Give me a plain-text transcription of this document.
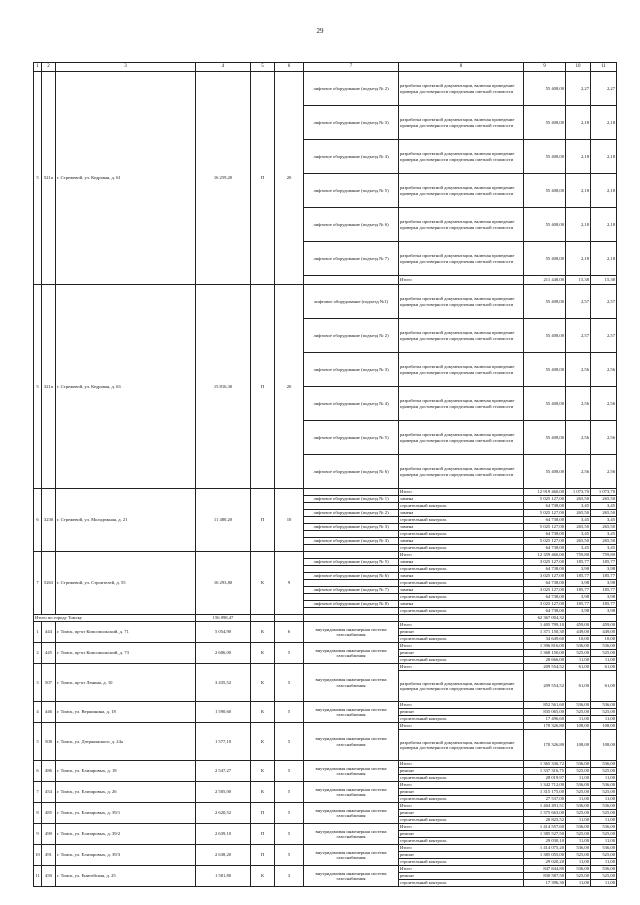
29
1	2	3	4	5	6	7	8	9	10	11
5	521п	г. Стрежевой, ул. Кедровая, д. 61	16 259,20	П	20	лифтовое оборудование (подъезд № 2)	разработка проектной документации, включая проведение проверки достоверности определения сметной стоимости	55 408,00	2,27	2,27
						лифтовое оборудование (подъезд № 3)	разработка проектной документации, включая проведение проверки достоверности определения сметной стоимости	55 408,00	2,18	2,18
						лифтовое оборудование (подъезд № 4)	разработка проектной документации, включая проведение проверки достоверности определения сметной стоимости	55 408,00	2,18	2,18
						лифтовое оборудование (подъезд № 5)	разработка проектной документации, включая проведение проверки достоверности определения сметной стоимости	55 408,00	2,18	2,18
						лифтовое оборудование (подъезд № 6)	разработка проектной документации, включая проведение проверки достоверности определения сметной стоимости	55 408,00	2,18	2,18
						лифтовое оборудование (подъезд № 7)	разработка проектной документации, включая проведение проверки достоверности определения сметной стоимости	55 408,00	2,18	2,18
							Итого	211 448,00	15,38	15,38
5	321п	г. Стрежевой, ул. Кедровая, д. 63	15 816,30	П	20	лифтовое оборудование (подъезд №1)	разработка проектной документации, включая проведение проверки достоверности определения сметной стоимости	55 408,00	2,57	2,57
						лифтовое оборудование (подъезд № 2)	разработка проектной документации, включая проведение проверки достоверности определения сметной стоимости	55 408,00	2,57	2,57
						лифтовое оборудование (подъезд № 3)	разработка проектной документации, включая проведение проверки достоверности определения сметной стоимости	55 408,00	2,56	2,56
						лифтовое оборудование (подъезд № 4)	разработка проектной документации, включая проведение проверки достоверности определения сметной стоимости	55 408,00	2,56	2,56
						лифтовое оборудование (подъезд № 5)	разработка проектной документации, включая проведение проверки достоверности определения сметной стоимости	55 408,00	2,56	2,56
						лифтовое оборудование (подъезд № 6)	разработка проектной документации, включая проведение проверки достоверности определения сметной стоимости	55 408,00	2,56	2,56
6	3230	г. Стрежевой, ул. Молодежная, д. 21	11 480,20	П	10		Итого	12 919 460,00	1 073,70	1 073,70
						лифтовое оборудование (подъезд № 1)	замена	5 025 127,00	265,50	265,50
							строительный контроль	64 738,00	3,45	3,45
						лифтовое оборудование (подъезд № 2)	замена	5 025 127,00	265,50	265,50
							строительный контроль	64 738,00	3,45	3,45
						лифтовое оборудование (подъезд № 3)	замена	5 025 127,00	265,50	265,50
							строительный контроль	64 738,00	3,45	3,45
						лифтовое оборудование (подъезд № 4)	замена	5 025 127,00	265,50	265,50
							строительный контроль	64 738,00	3,45	3,45
7	5263	г. Стрежевой, ул. Строителей, д. 55	16 293,80	К	9		Итого	12 359 460,00	759,80	759,80
						лифтовое оборудование (подъезд № 5)	замена	3 025 127,00	185,77	185,77
							строительный контроль	64 738,00	3,98	3,98
						лифтовое оборудование (подъезд № 6)	замена	3 025 127,00	185,77	185,77
							строительный контроль	64 738,00	3,98	3,98
						лифтовое оборудование (подъезд № 7)	замена	3 025 127,00	185,77	185,77
							строительный контроль	64 738,00	3,98	3,98
						лифтовое оборудование (подъезд № 8)	замена	3 025 127,00	185,77	185,77
							строительный контроль	64 738,00	3,98	3,98
Итого по городу Томску			156 098,47					62 367 004,32		
1	444	г. Томск, пр-кт Комсомольский, д. 71	5 054,90	К	6	внутридомовая инженерная система газоснабжения	Итого	1 405 799,10	459,00	459,00
							ремонт	1 371 150,30	449,00	449,00
							строительный контроль	34 649,60	10,00	10,00
2	445	г. Томск, пр-кт Комсомольский, д. 73	2 606,00	К	5	внутридомовая инженерная система газоснабжения	Итого	1 396 816,00	536,00	536,00
							ремонт	1 368 150,00	525,00	525,00
							строительный контроль	28 666,00	11,00	11,00
3	507	г. Томск, пр-кт Ленина, д. 10	3 435,52	К	5	внутридомовая инженерная система газоснабжения	Итого	209 554,52	61,00	61,00
							разработка проектной документации, включая проведение проверки достоверности определения сметной стоимости	209 554,52	61,00	61,00
4	446	г. Томск, ул. Вершинина, д. 18	1 590,60	К	5	внутридомовая инженерная система газоснабжения	Итого	852 561,60	536,00	536,00
							ремонт	835 065,00	525,00	525,00
							строительный контроль	17 496,60	11,00	11,00
5	508	г. Томск, ул. Дзержинского, д. 24а	1 577,10	К	5	внутридомовая инженерная система газоснабжения	Итого	170 326,80	108,00	108,00
							разработка проектной документации, включая проведение проверки достоверности определения сметной стоимости	170 326,80	108,00	108,00
6	486	г. Томск, ул. Елизаровых, д. 18	2 547,27	К	5	внутридомовая инженерная система газоснабжения	Итого	1 365 336,72	536,00	536,00
							ремонт	1 337 316,75	525,00	525,00
							строительный контроль	28 019,97	11,00	11,00
7	454	г. Томск, ул. Елизаровых, д. 26	2 505,00	К	5	внутридомовая инженерная система газоснабжения	Итого	1 342 712,00	536,00	536,00
							ремонт	1 315 175,00	525,00	525,00
							строительный контроль	27 537,00	11,00	11,00
8	485	г. Томск, ул. Елизаровых, д. 39/1	2 620,52	П	5	внутридомовая инженерная система газоснабжения	Итого	1 404 491,51	536,00	536,00
							ремонт	1 375 663,00	525,00	525,00
							строительный контроль	28 825,52	11,00	11,00
9	490	г. Томск, ул. Елизаровых, д. 39/2	2 639,10	П	5	внутридомовая инженерная система газоснабжения	Итого	1 414 557,60	536,00	536,00
							ремонт	1 385 527,50	525,00	525,00
							строительный контроль	29 030,10	11,00	11,00
10	491	г. Томск, ул. Елизаровых, д. 39/3	2 638,20	П	5	внутридомовая инженерная система газоснабжения	Итого	1 414 075,20	536,00	536,00
							ремонт	1 385 055,00	525,00	525,00
							строительный контроль	29 020,20	11,00	11,00
11	450	г. Томск, ул. Енисейская, д. 25	1 581,80	К	3	внутридомовая инженерная система газоснабжения	Итого	847 844,80	536,00	536,00
							ремонт	830 587,50	525,00	525,00
							строительный контроль	17 396,30	11,00	11,00
